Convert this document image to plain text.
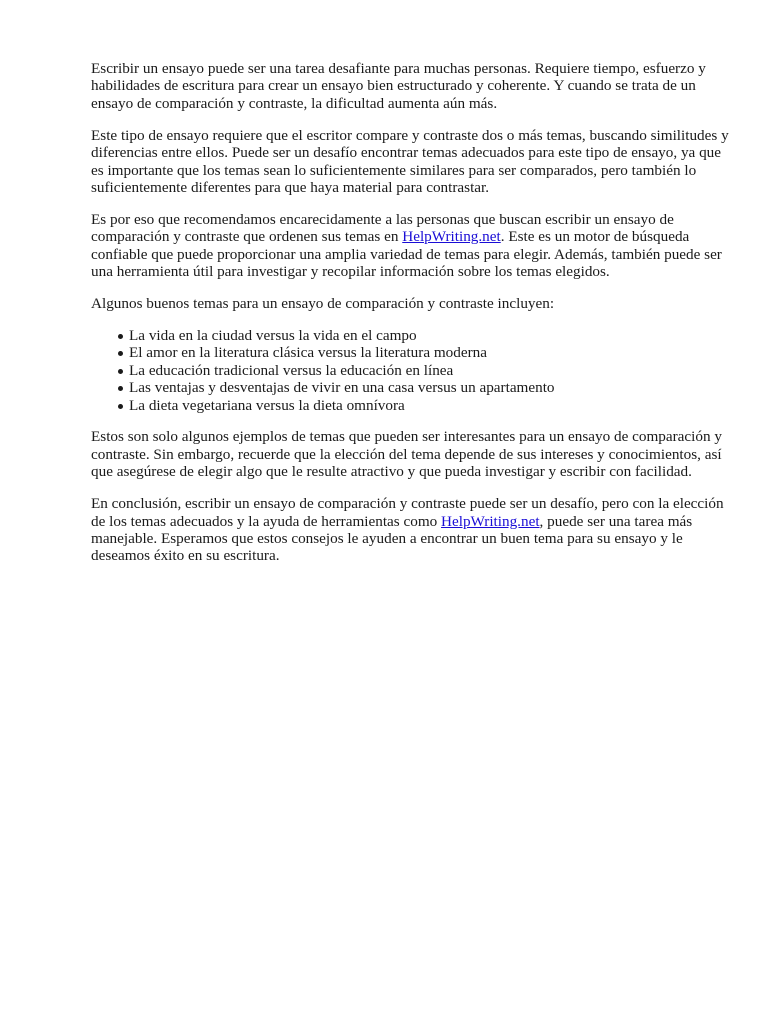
Escribir un ensayo puede ser una tarea desafiante para muchas personas. Requiere tiempo, esfuerzo y habilidades de escritura para crear un ensayo bien estructurado y coherente. Y cuando se trata de un ensayo de comparación y contraste, la dificultad aumenta aún más.

Este tipo de ensayo requiere que el escritor compare y contraste dos o más temas, buscando similitudes y diferencias entre ellos. Puede ser un desafío encontrar temas adecuados para este tipo de ensayo, ya que es importante que los temas sean lo suficientemente similares para ser comparados, pero también lo suficientemente diferentes para que haya material para contrastar.

Es por eso que recomendamos encarecidamente a las personas que buscan escribir un ensayo de comparación y contraste que ordenen sus temas en HelpWriting.net. Este es un motor de búsqueda confiable que puede proporcionar una amplia variedad de temas para elegir. Además, también puede ser una herramienta útil para investigar y recopilar información sobre los temas elegidos.

Algunos buenos temas para un ensayo de comparación y contraste incluyen:

La vida en la ciudad versus la vida en el campo
El amor en la literatura clásica versus la literatura moderna
La educación tradicional versus la educación en línea
Las ventajas y desventajas de vivir en una casa versus un apartamento
La dieta vegetariana versus la dieta omnívora

Estos son solo algunos ejemplos de temas que pueden ser interesantes para un ensayo de comparación y contraste. Sin embargo, recuerde que la elección del tema depende de sus intereses y conocimientos, así que asegúrese de elegir algo que le resulte atractivo y que pueda investigar y escribir con facilidad.

En conclusión, escribir un ensayo de comparación y contraste puede ser un desafío, pero con la elección de los temas adecuados y la ayuda de herramientas como HelpWriting.net, puede ser una tarea más manejable. Esperamos que estos consejos le ayuden a encontrar un buen tema para su ensayo y le deseamos éxito en su escritura.
